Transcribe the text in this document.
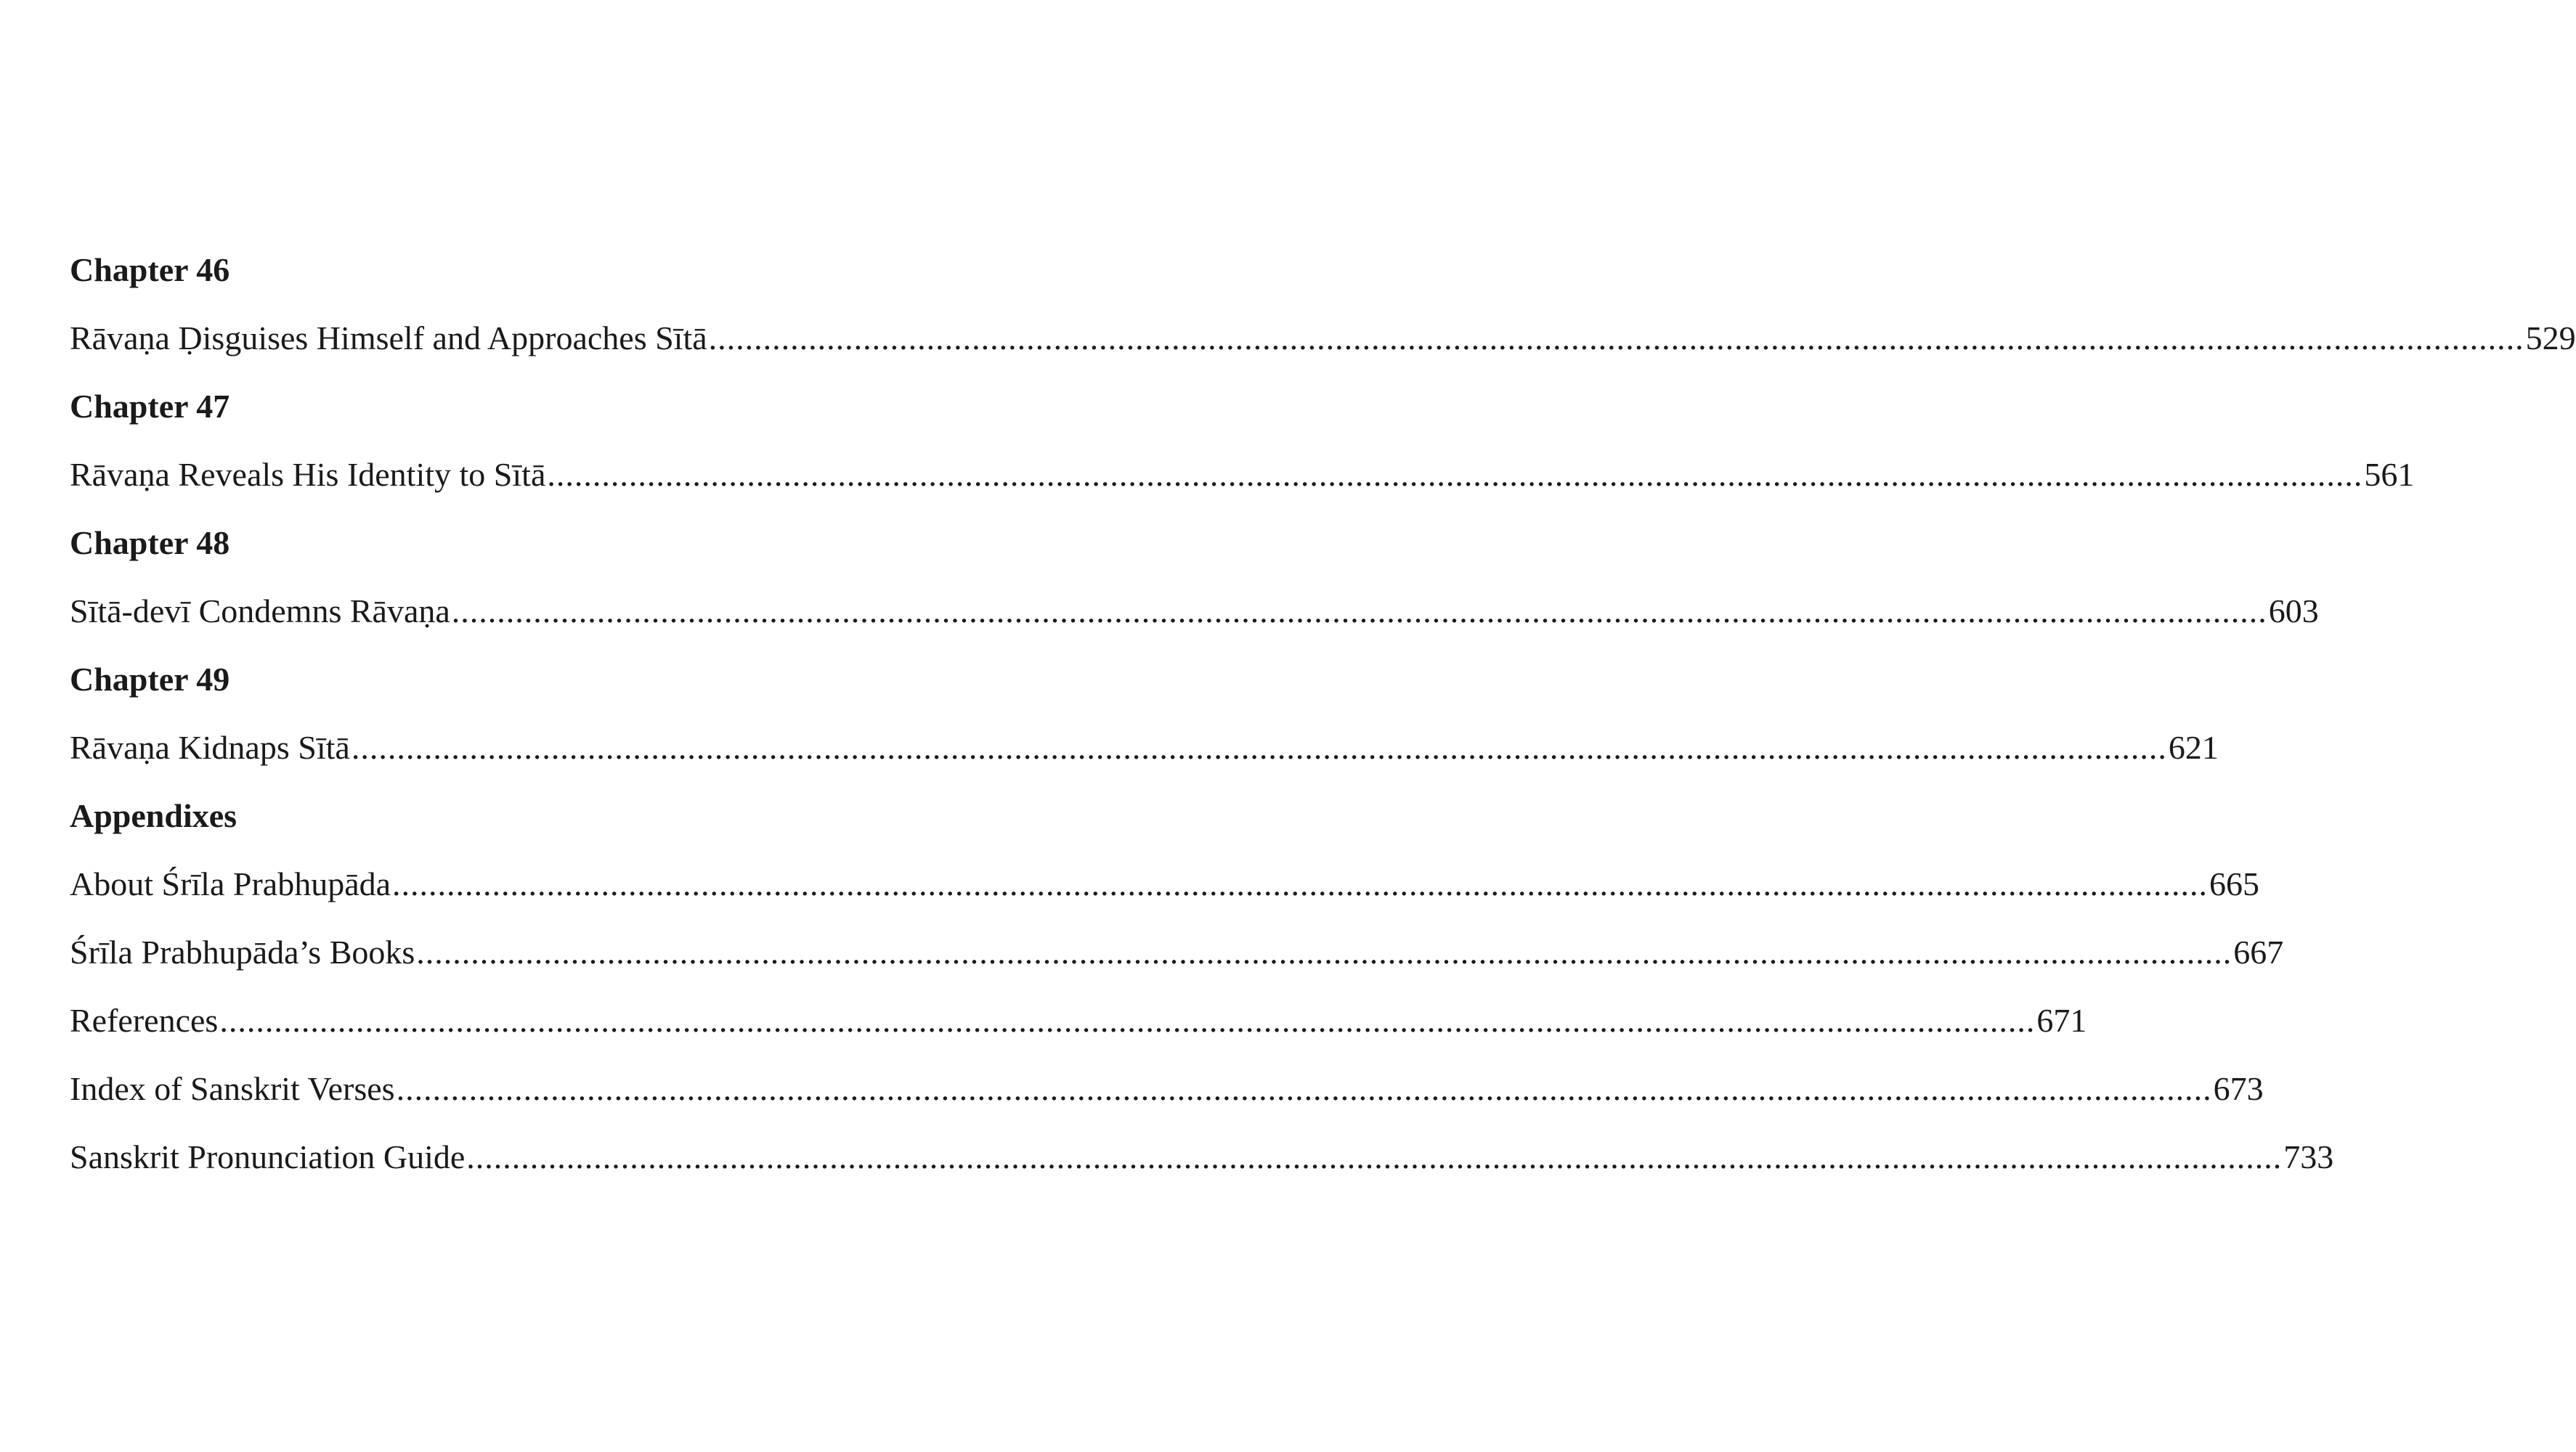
Chapter 46
Rāvaṇa Ḍisguises Himself and Approaches Sītā ........................................................................................................................................................................................................ 529
Chapter 47
Rāvaṇa Reveals His Identity to Sītā ........................................................................................................................................................................................................ 561
Chapter 48
Sītā-devī Condemns Rāvaṇa ........................................................................................................................................................................................................ 603
Chapter 49
Rāvaṇa Kidnaps Sītā ........................................................................................................................................................................................................ 621
Appendixes
About Śrīla Prabhupāda ........................................................................................................................................................................................................ 665
Śrīla Prabhupāda’s Books ........................................................................................................................................................................................................ 667
References ........................................................................................................................................................................................................ 671
Index of Sanskrit Verses ........................................................................................................................................................................................................ 673
Sanskrit Pronunciation Guide ........................................................................................................................................................................................................ 733
